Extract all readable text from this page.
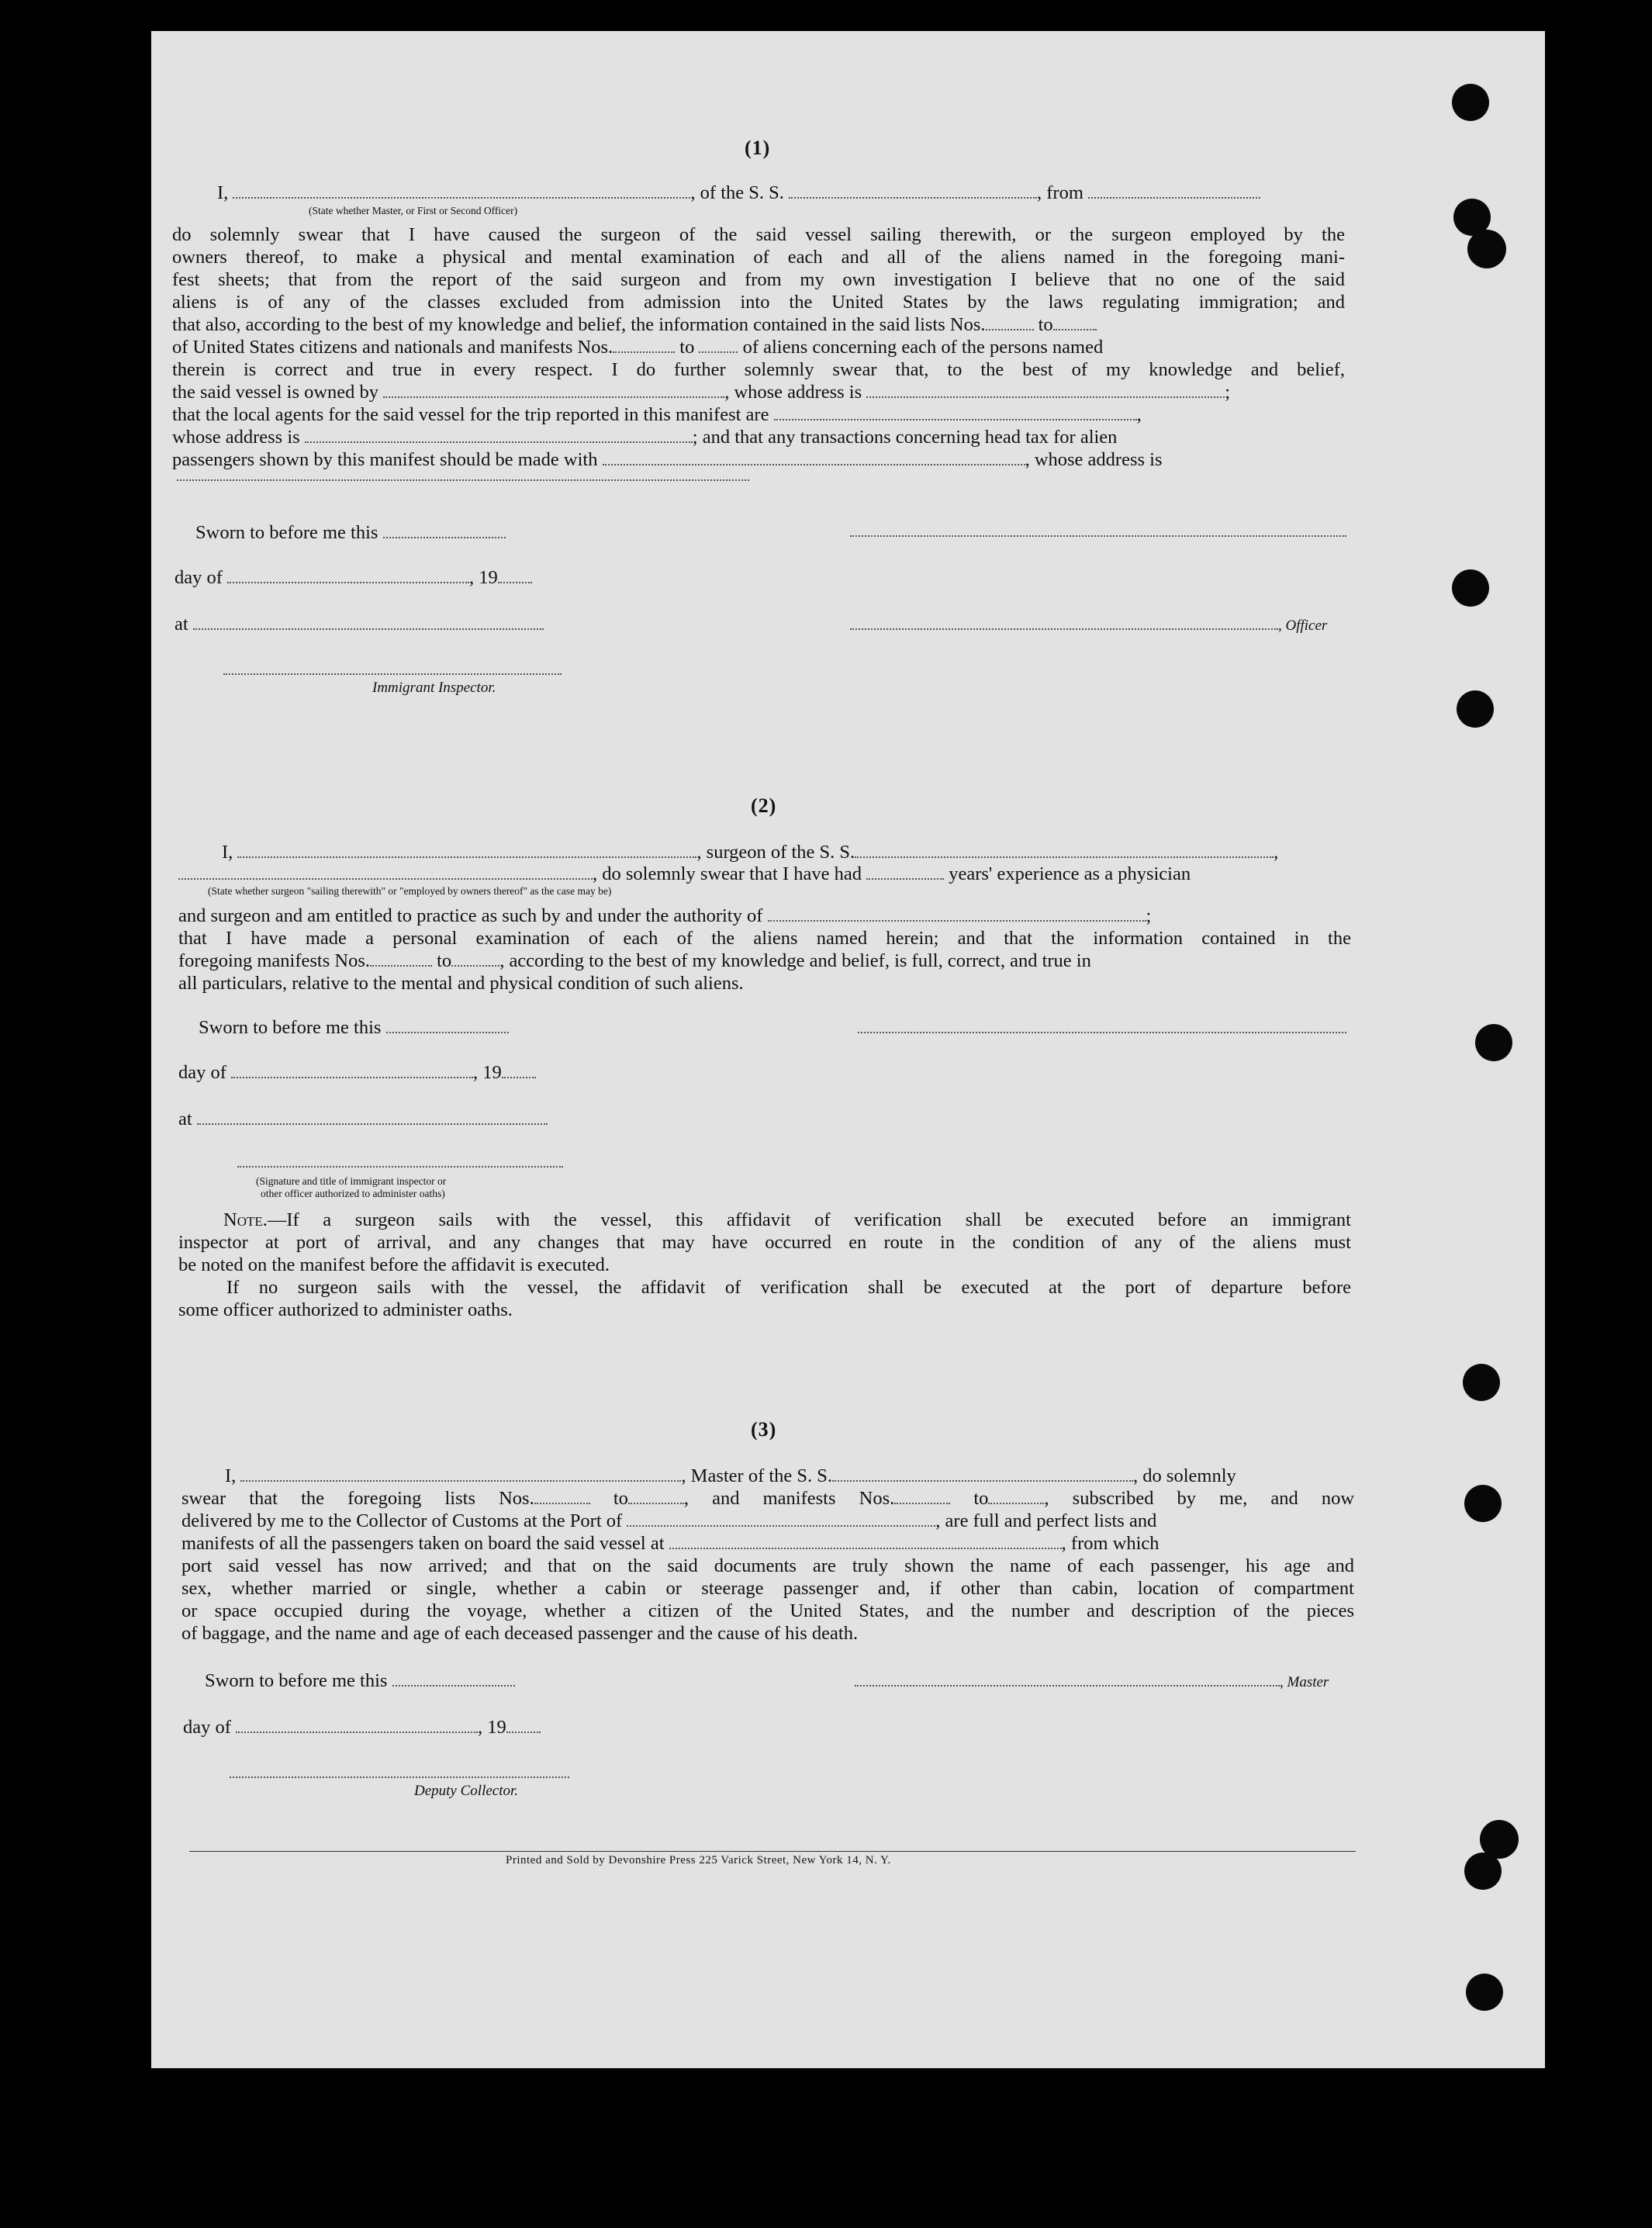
(1)
I,	, of the S. S.	, from
(State whether Master, or First or Second Officer)
do solemnly swear that I have caused the surgeon of the said vessel sailing therewith, or the surgeon employed by the
owners thereof, to make a physical and mental examination of each and all of the aliens named in the foregoing mani-
fest sheets; that from the report of the said surgeon and from my own investigation I believe that no one of the said
aliens is of any of the classes excluded from admission into the United States by the laws regulating immigration; and
that also, according to the best of my knowledge and belief, the information contained in the said lists Nos.	to
of United States citizens and nationals and manifests Nos.	to	of aliens concerning each of the persons named
therein is correct and true in every respect. I do further solemnly swear that, to the best of my knowledge and belief,
the said vessel is owned by	, whose address is	;
that the local agents for the said vessel for the trip reported in this manifest are	,
whose address is	; and that any transactions concerning head tax for alien
passengers shown by this manifest should be made with	, whose address is
Sworn to before me this
day of	, 19
at	, Officer
Immigrant Inspector.
(2)
I,	, surgeon of the S. S.	,
, do solemnly swear that I have had	years' experience as a physician
(State whether surgeon "sailing therewith" or "employed by owners thereof" as the case may be)
and surgeon and am entitled to practice as such by and under the authority of	;
that I have made a personal examination of each of the aliens named herein; and that the information contained in the
foregoing manifests Nos.	to	, according to the best of my knowledge and belief, is full, correct, and true in
all particulars, relative to the mental and physical condition of such aliens.
Sworn to before me this
day of	, 19
at
(Signature and title of immigrant inspector or
other officer authorized to administer oaths)
Note.—If a surgeon sails with the vessel, this affidavit of verification shall be executed before an immigrant
inspector at port of arrival, and any changes that may have occurred en route in the condition of any of the aliens must
be noted on the manifest before the affidavit is executed.
If no surgeon sails with the vessel, the affidavit of verification shall be executed at the port of departure before
some officer authorized to administer oaths.
(3)
I,	, Master of the S. S.	, do solemnly
swear that the foregoing lists Nos.	to	, and manifests Nos.	to	, subscribed by me, and now
delivered by me to the Collector of Customs at the Port of	, are full and perfect lists and
manifests of all the passengers taken on board the said vessel at	, from which
port said vessel has now arrived; and that on the said documents are truly shown the name of each passenger, his age and
sex, whether married or single, whether a cabin or steerage passenger and, if other than cabin, location of compartment
or space occupied during the voyage, whether a citizen of the United States, and the number and description of the pieces
of baggage, and the name and age of each deceased passenger and the cause of his death.
Sworn to before me this	, Master
day of	, 19
Deputy Collector.
Printed and Sold by Devonshire Press 225 Varick Street, New York 14, N. Y.
